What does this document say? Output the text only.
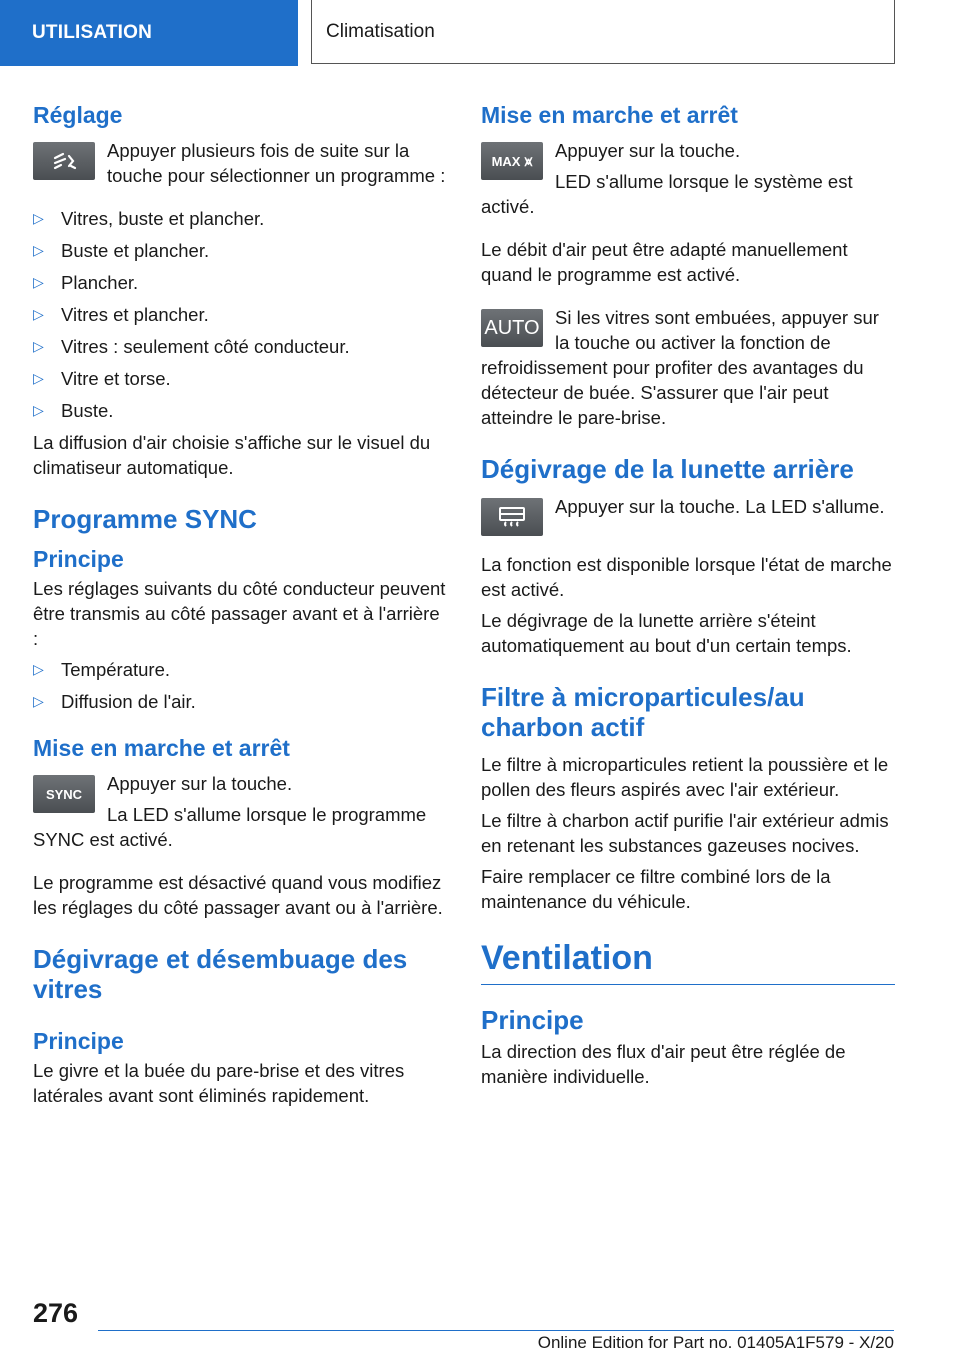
UTILISATION	Climatisation
Réglage

Appuyer plusieurs fois de suite sur la touche pour sélectionner un programme :

▷ Vitres, buste et plancher.
▷ Buste et plancher.
▷ Plancher.
▷ Vitres et plancher.
▷ Vitres : seulement côté conducteur.
▷ Vitre et torse.
▷ Buste.

La diffusion d'air choisie s'affiche sur le visuel du climatiseur automatique.

Programme SYNC
Principe

Les réglages suivants du côté conducteur peuvent être transmis au côté passager avant et à l'arrière :

▷ Température.
▷ Diffusion de l'air.
Mise en marche et arrêt
SYNC	Appuyer sur la touche.

La LED s'allume lorsque le programme SYNC est activé.

Le programme est désactivé quand vous modifiez les réglages du côté passager avant ou à l'arrière.

Dégivrage et désembuage des vitres
Principe

Le givre et la buée du pare-brise et des vitres latérales avant sont éliminés rapidement.

Mise en marche et arrêt
MAX ⩙	Appuyer sur la touche.

LED s'allume lorsque le système est activé.

Le débit d'air peut être adapté manuellement quand le programme est activé.

AUTO Si les vitres sont embuées, appuyer sur la touche ou activer la fonction de refroidissement pour profiter des avantages du détecteur de buée. S'assurer que l'air peut atteindre le pare-brise.

Dégivrage de la lunette arrière

Appuyer sur la touche. La LED s'allume.

La fonction est disponible lorsque l'état de marche est activé.

Le dégivrage de la lunette arrière s'éteint automatiquement au bout d'un certain temps.

Filtre à microparticules/au charbon actif

Le filtre à microparticules retient la poussière et le pollen des fleurs aspirés avec l'air extérieur.

Le filtre à charbon actif purifie l'air extérieur admis en retenant les substances gazeuses nocives.

Faire remplacer ce filtre combiné lors de la maintenance du véhicule.

Ventilation
Principe

La direction des flux d'air peut être réglée de manière individuelle.

276
Online Edition for Part no. 01405A1F579 - X/20
